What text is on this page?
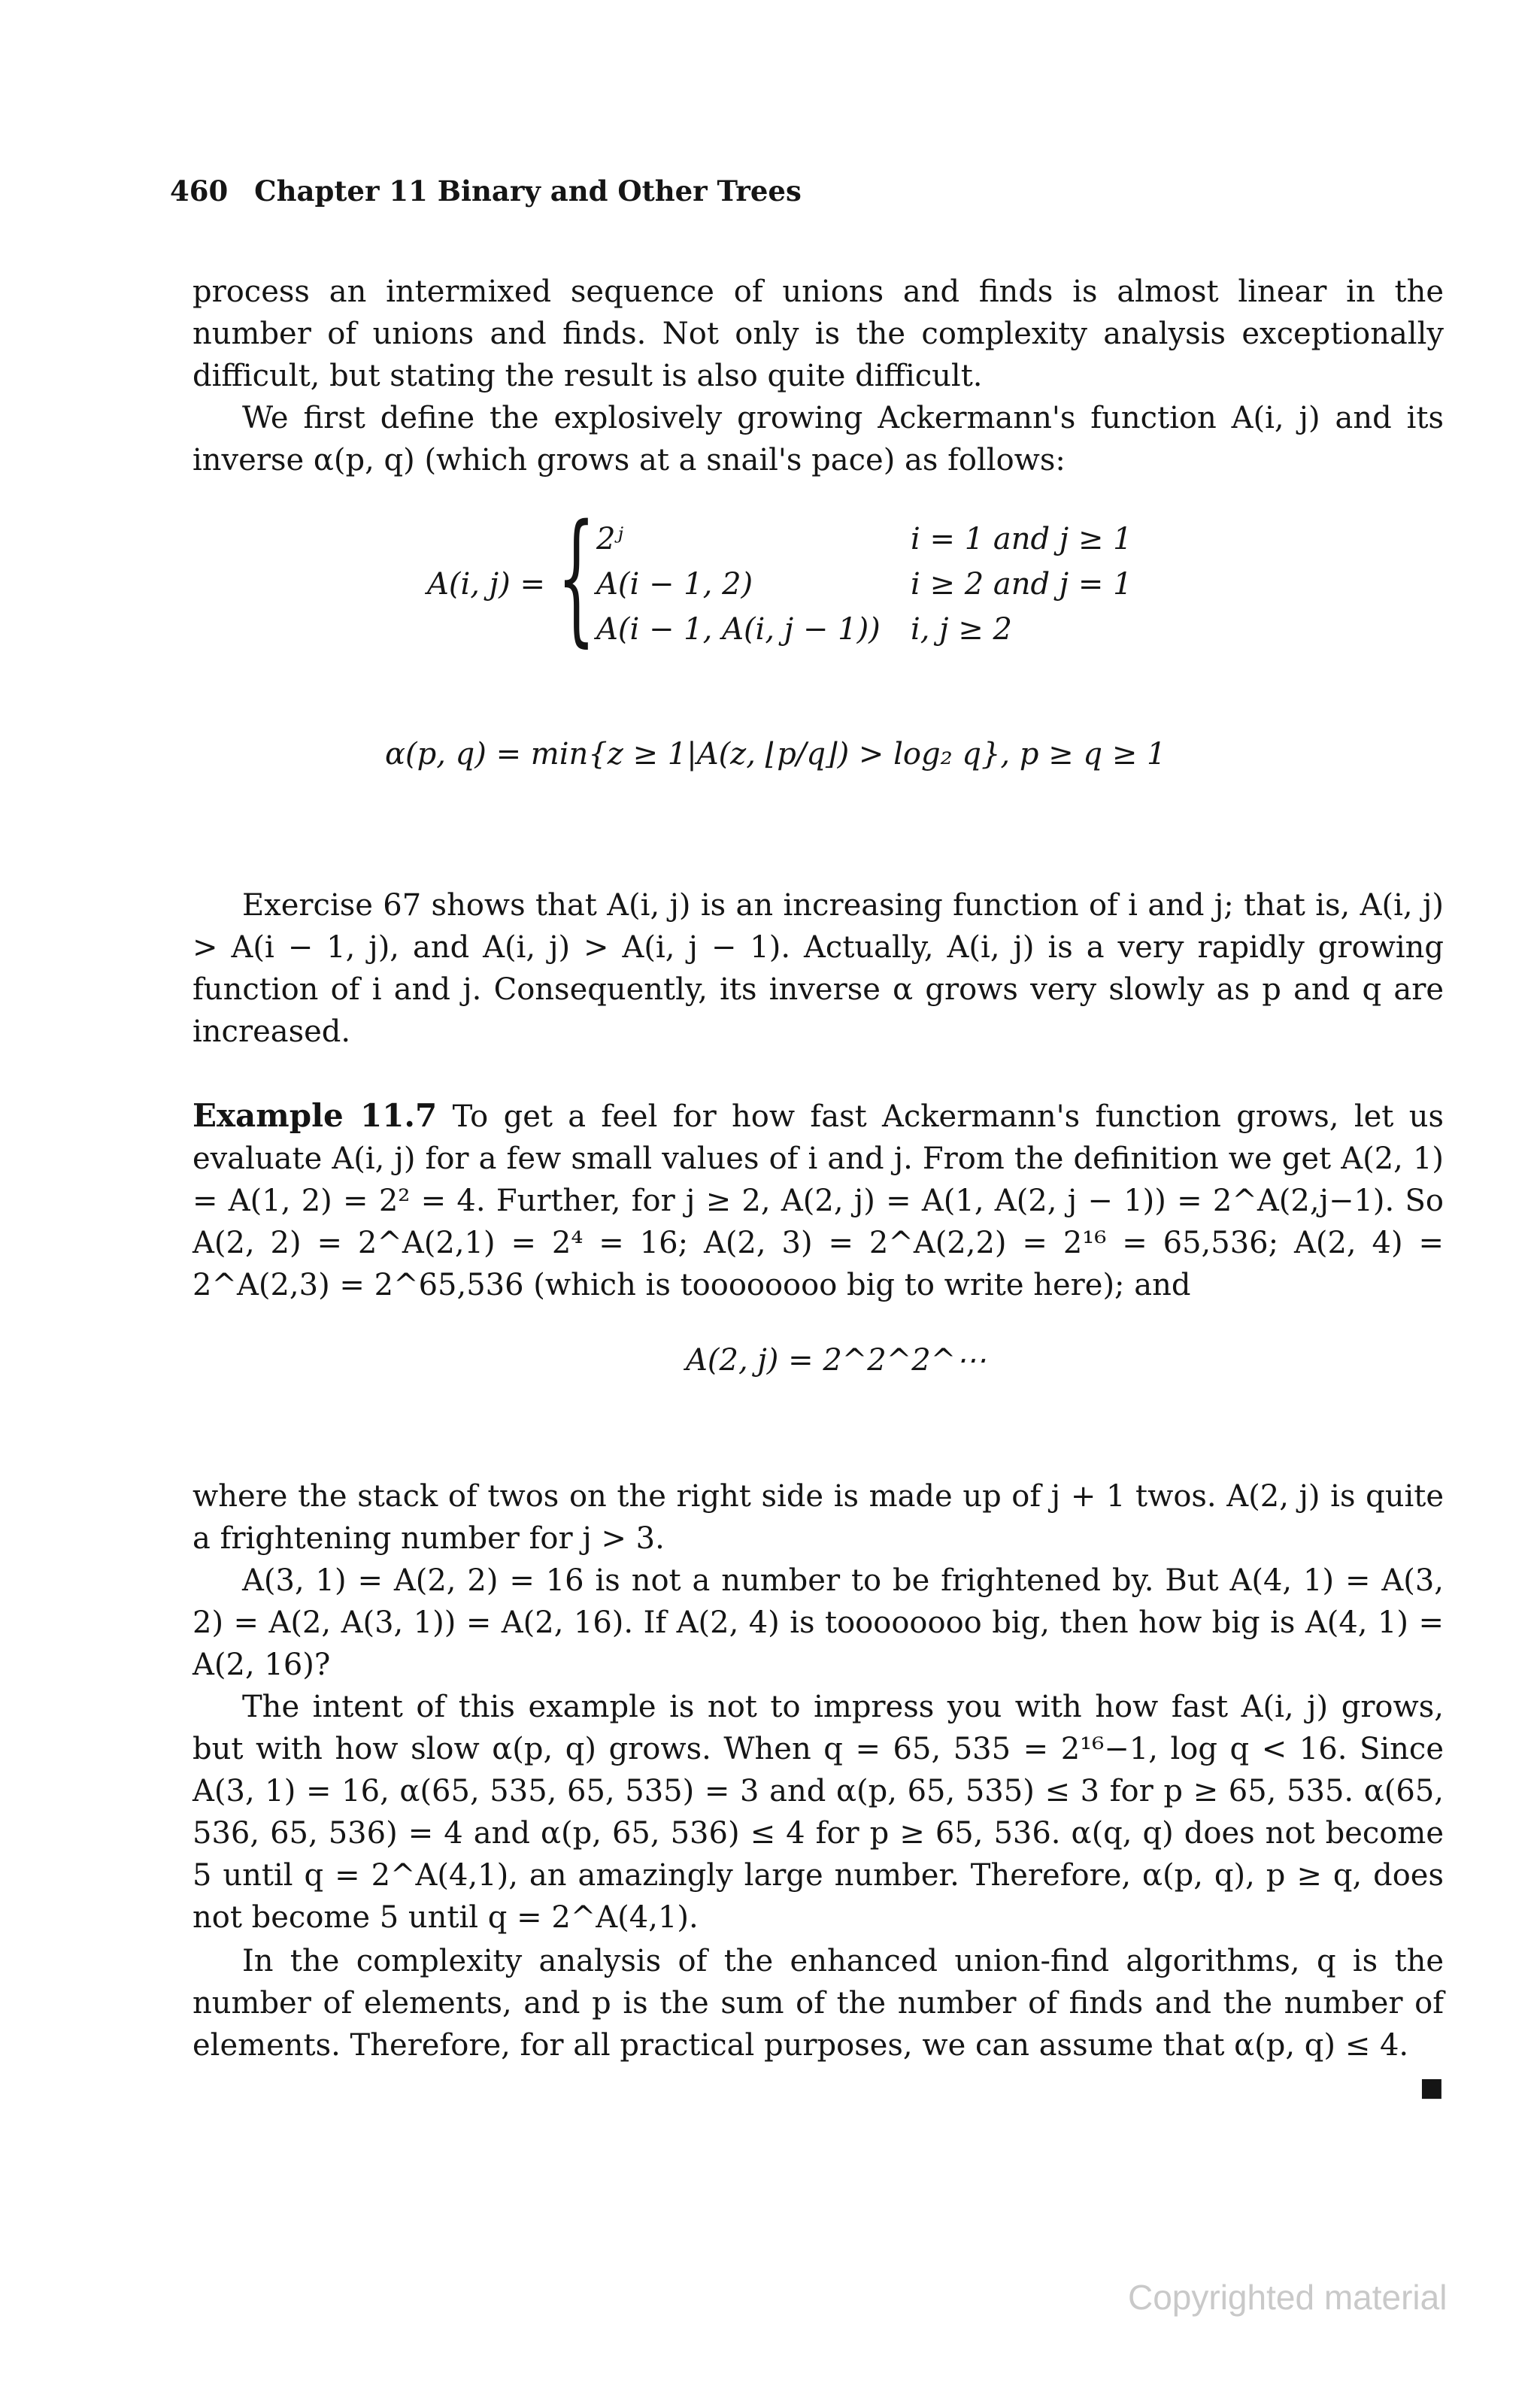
460 Chapter 11 Binary and Other Trees

process an intermixed sequence of unions and finds is almost linear in the number of unions and finds. Not only is the complexity analysis exceptionally difficult, but stating the result is also quite difficult.

We first define the explosively growing Ackermann's function A(i, j) and its inverse α(p, q) (which grows at a snail's pace) as follows:

A(i, j) = { 2ʲ	i = 1 and j ≥ 1
A(i − 1, 2)	i ≥ 2 and j = 1
A(i − 1, A(i, j − 1))	i, j ≥ 2
α(p, q) = min{z ≥ 1|A(z, ⌊p/q⌋) > log₂ q}, p ≥ q ≥ 1

Exercise 67 shows that A(i, j) is an increasing function of i and j; that is, A(i, j) > A(i − 1, j), and A(i, j) > A(i, j − 1). Actually, A(i, j) is a very rapidly growing function of i and j. Consequently, its inverse α grows very slowly as p and q are increased.

Example 11.7 To get a feel for how fast Ackermann's function grows, let us evaluate A(i, j) for a few small values of i and j. From the definition we get A(2, 1) = A(1, 2) = 2² = 4. Further, for j ≥ 2, A(2, j) = A(1, A(2, j − 1)) = 2^A(2,j−1). So A(2, 2) = 2^A(2,1) = 2⁴ = 16; A(2, 3) = 2^A(2,2) = 2¹⁶ = 65,536; A(2, 4) = 2^A(2,3) = 2^65,536 (which is toooooooo big to write here); and

A(2, j) = 2^2^2^⋯

where the stack of twos on the right side is made up of j + 1 twos. A(2, j) is quite a frightening number for j > 3.

A(3, 1) = A(2, 2) = 16 is not a number to be frightened by. But A(4, 1) = A(3, 2) = A(2, A(3, 1)) = A(2, 16). If A(2, 4) is toooooooo big, then how big is A(4, 1) = A(2, 16)?

The intent of this example is not to impress you with how fast A(i, j) grows, but with how slow α(p, q) grows. When q = 65, 535 = 2¹⁶−1, log q < 16. Since A(3, 1) = 16, α(65, 535, 65, 535) = 3 and α(p, 65, 535) ≤ 3 for p ≥ 65, 535. α(65, 536, 65, 536) = 4 and α(p, 65, 536) ≤ 4 for p ≥ 65, 536. α(q, q) does not become 5 until q = 2^A(4,1), an amazingly large number. Therefore, α(p, q), p ≥ q, does not become 5 until q = 2^A(4,1).

In the complexity analysis of the enhanced union-find algorithms, q is the number of elements, and p is the sum of the number of finds and the number of elements. Therefore, for all practical purposes, we can assume that α(p, q) ≤ 4.
■

Copyrighted material
